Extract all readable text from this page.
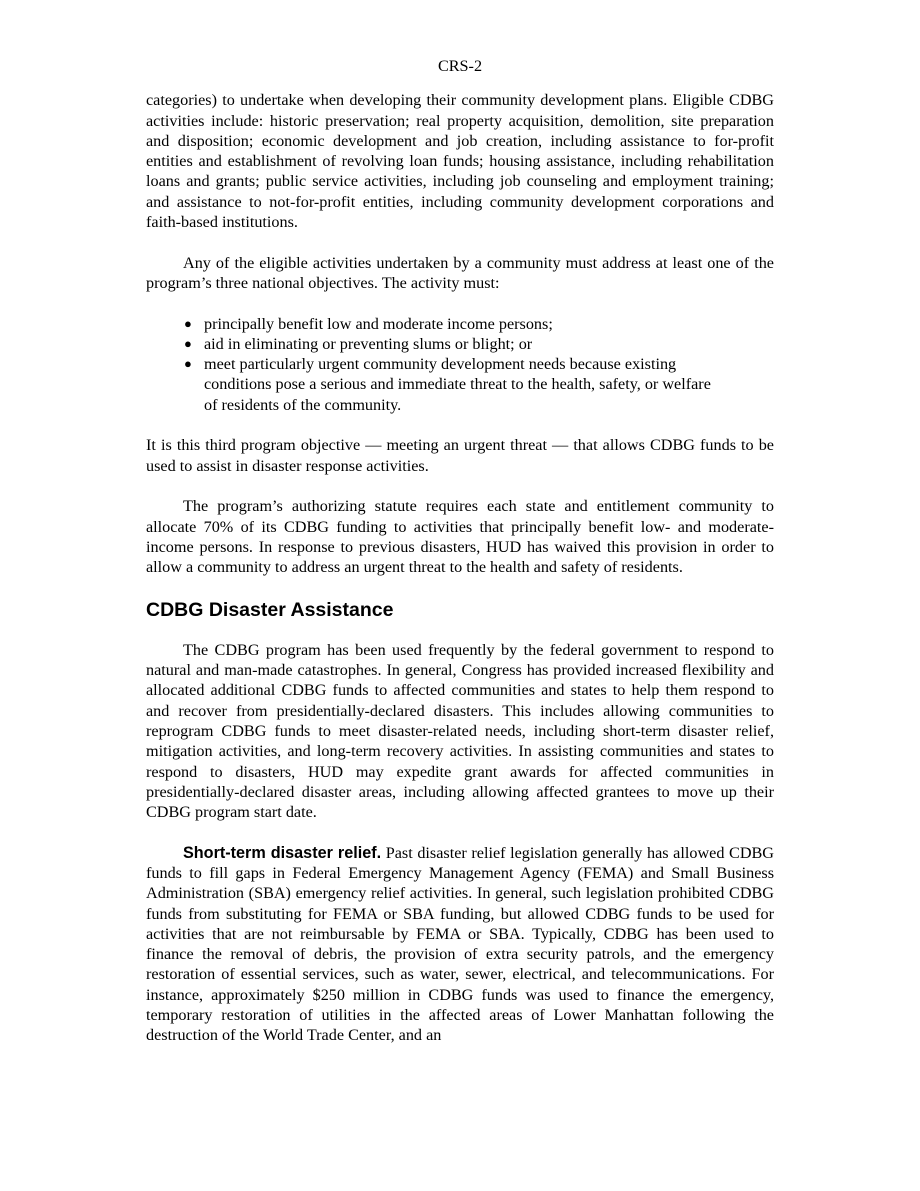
CRS-2

categories) to undertake when developing their community development plans. Eligible CDBG activities include: historic preservation; real property acquisition, demolition, site preparation and disposition; economic development and job creation, including assistance to for-profit entities and establishment of revolving loan funds; housing assistance, including rehabilitation loans and grants; public service activities, including job counseling and employment training; and assistance to not-for-profit entities, including community development corporations and faith-based institutions.

Any of the eligible activities undertaken by a community must address at least one of the program’s three national objectives. The activity must:

● principally benefit low and moderate income persons;
● aid in eliminating or preventing slums or blight; or
● meet particularly urgent community development needs because existing conditions pose a serious and immediate threat to the health, safety, or welfare of residents of the community.

It is this third program objective — meeting an urgent threat — that allows CDBG funds to be used to assist in disaster response activities.

The program’s authorizing statute requires each state and entitlement community to allocate 70% of its CDBG funding to activities that principally benefit low- and moderate-income persons. In response to previous disasters, HUD has waived this provision in order to allow a community to address an urgent threat to the health and safety of residents.

CDBG Disaster Assistance

The CDBG program has been used frequently by the federal government to respond to natural and man-made catastrophes. In general, Congress has provided increased flexibility and allocated additional CDBG funds to affected communities and states to help them respond to and recover from presidentially-declared disasters. This includes allowing communities to reprogram CDBG funds to meet disaster-related needs, including short-term disaster relief, mitigation activities, and long-term recovery activities. In assisting communities and states to respond to disasters, HUD may expedite grant awards for affected communities in presidentially-declared disaster areas, including allowing affected grantees to move up their CDBG program start date.

Short-term disaster relief. Past disaster relief legislation generally has allowed CDBG funds to fill gaps in Federal Emergency Management Agency (FEMA) and Small Business Administration (SBA) emergency relief activities. In general, such legislation prohibited CDBG funds from substituting for FEMA or SBA funding, but allowed CDBG funds to be used for activities that are not reimbursable by FEMA or SBA. Typically, CDBG has been used to finance the removal of debris, the provision of extra security patrols, and the emergency restoration of essential services, such as water, sewer, electrical, and telecommunications. For instance, approximately $250 million in CDBG funds was used to finance the emergency, temporary restoration of utilities in the affected areas of Lower Manhattan following the destruction of the World Trade Center, and an
